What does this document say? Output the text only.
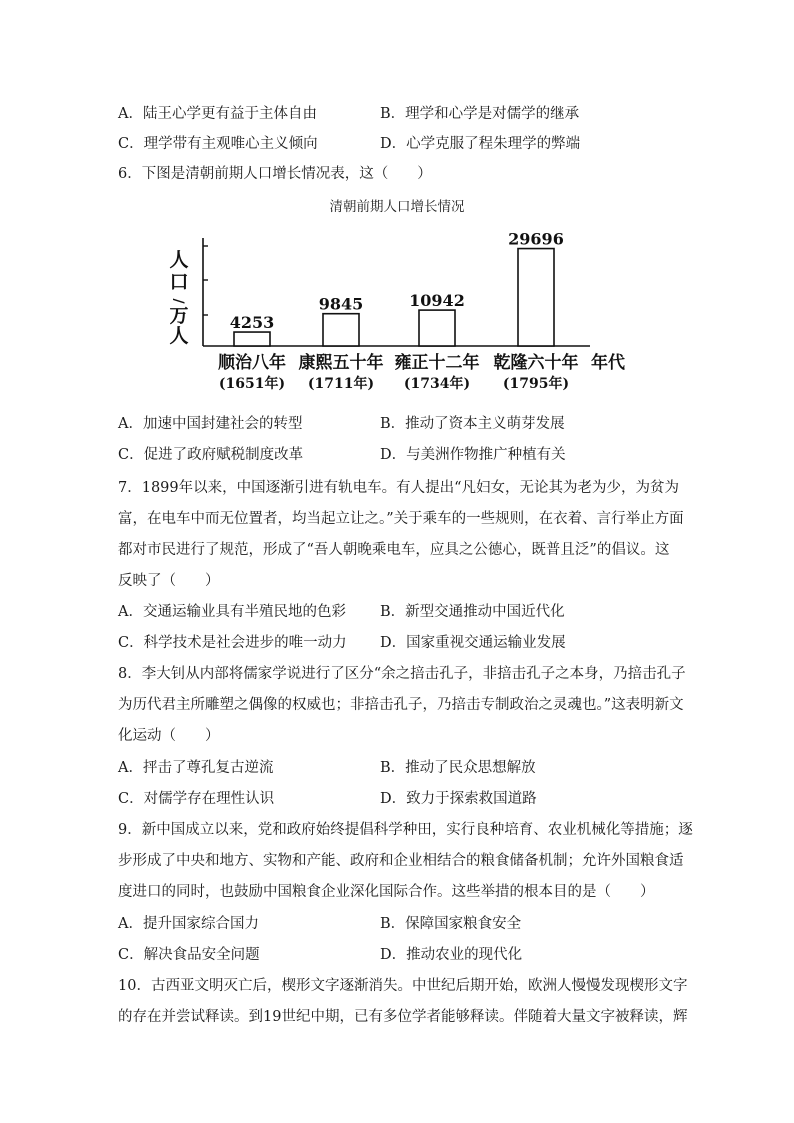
A．陆王心学更有益于主体自由	B．理学和心学是对儒学的继承
C．理学带有主观唯心主义倾向	D．心学克服了程朱理学的弊端
6．下图是清朝前期人口增长情况表，这（　　）
清朝前期人口增长情况
人
口
/
万
人
4253
顺治八年
(1651年)
9845
康熙五十年
(1711年)
10942
雍正十二年
(1734年)
29696
乾隆六十年
(1795年)
年代
A．加速中国封建社会的转型	B．推动了资本主义萌芽发展
C．促进了政府赋税制度改革	D．与美洲作物推广种植有关
7．1899年以来，中国逐渐引进有轨电车。有人提出“凡妇女，无论其为老为少，为贫为
富，在电车中而无位置者，均当起立让之。”关于乘车的一些规则，在衣着、言行举止方面
都对市民进行了规范，形成了“吾人朝晚乘电车，应具之公德心，既普且泛”的倡议。这
反映了（　　）
A．交通运输业具有半殖民地的色彩 B．新型交通推动中国近代化
C．科学技术是社会进步的唯一动力 D．国家重视交通运输业发展
8．李大钊从内部将儒家学说进行了区分“余之掊击孔子，非掊击孔子之本身，乃掊击孔子
为历代君主所雕塑之偶像的权威也；非掊击孔子，乃掊击专制政治之灵魂也。”这表明新文
化运动（　　）
A．抨击了尊孔复古逆流	B．推动了民众思想解放
C．对儒学存在理性认识	D．致力于探索救国道路
9．新中国成立以来，党和政府始终提倡科学种田，实行良种培育、农业机械化等措施；逐
步形成了中央和地方、实物和产能、政府和企业相结合的粮食储备机制；允许外国粮食适
度进口的同时，也鼓励中国粮食企业深化国际合作。这些举措的根本目的是（　　）
A．提升国家综合国力	B．保障国家粮食安全
C．解决食品安全问题	D．推动农业的现代化
10．古西亚文明灭亡后，楔形文字逐渐消失。中世纪后期开始，欧洲人慢慢发现楔形文字
的存在并尝试释读。到19世纪中期，已有多位学者能够释读。伴随着大量文字被释读，辉
